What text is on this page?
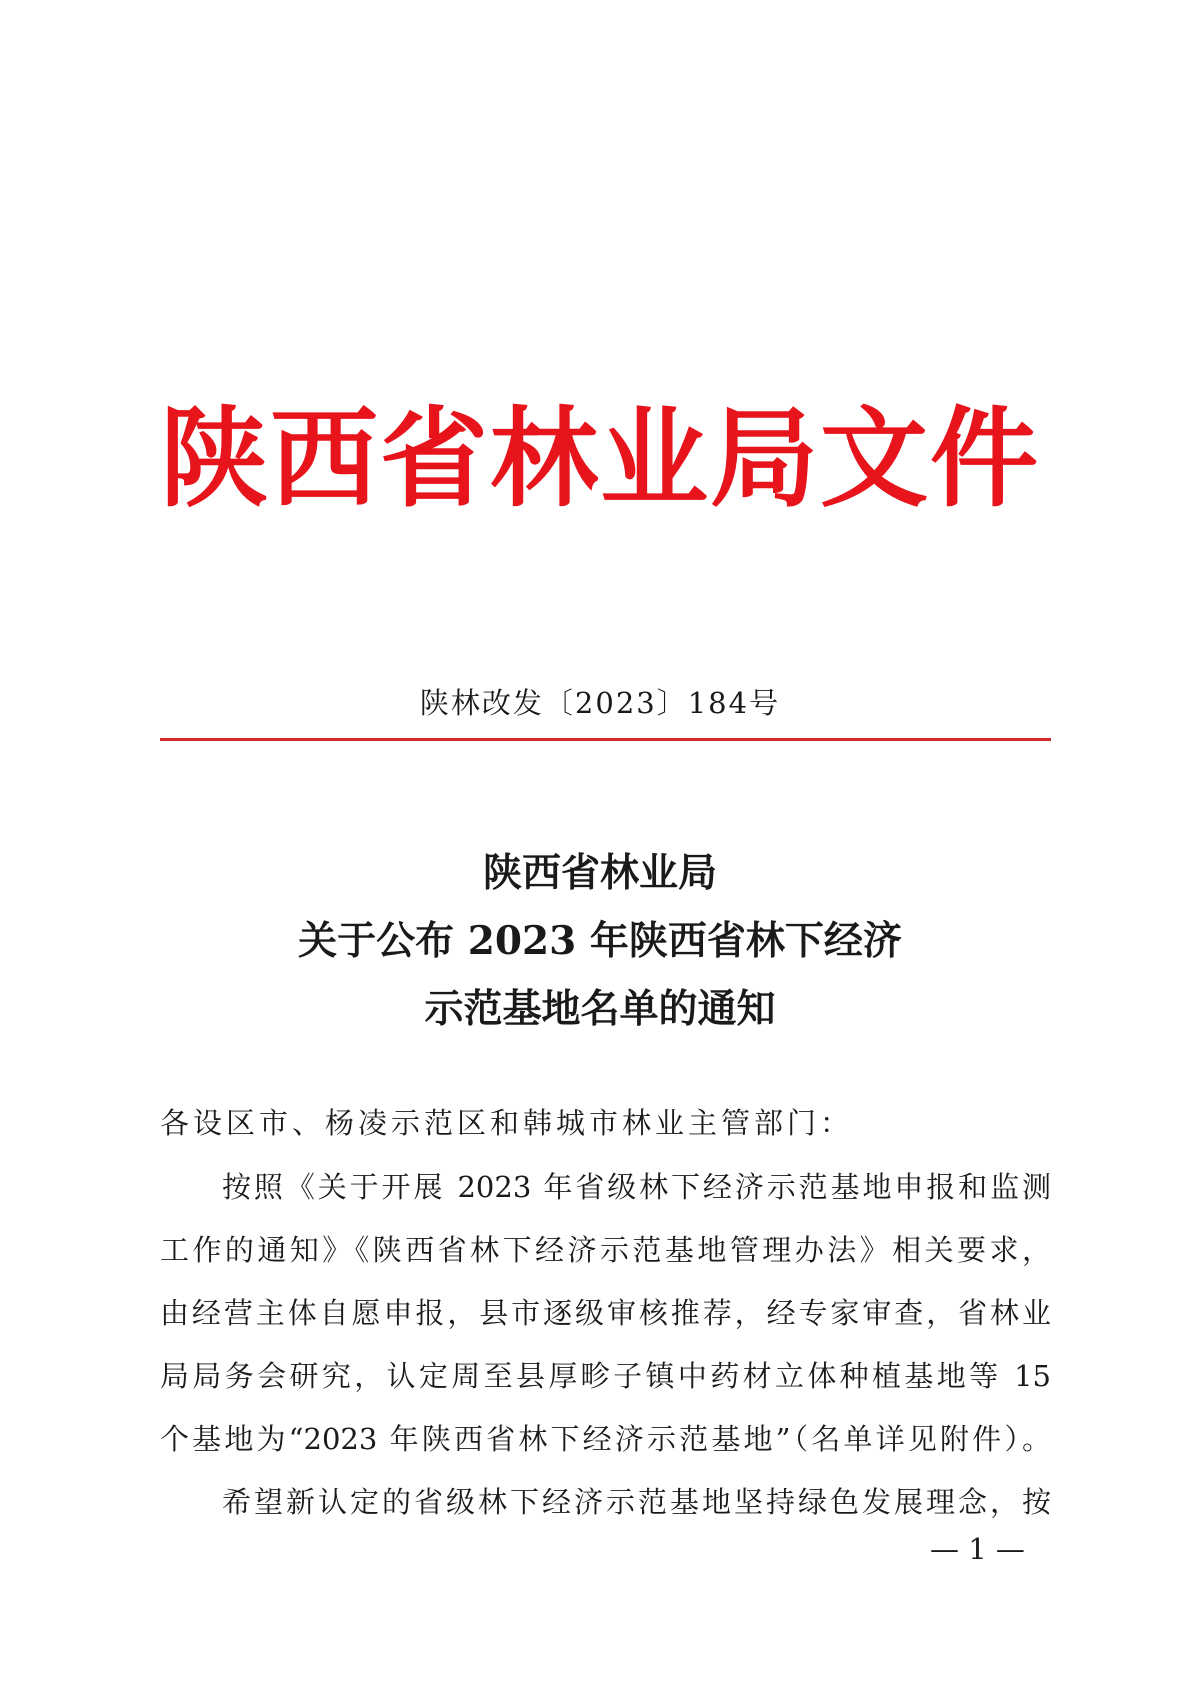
陕西省林业局文件
陕林改发〔2023〕184号
陕西省林业局
关于公布 2023 年陕西省林下经济
示范基地名单的通知
各设区市、杨凌示范区和韩城市林业主管部门：
按照《关于开展 2023 年省级林下经济示范基地申报和监测
工作的通知》《陕西省林下经济示范基地管理办法》相关要求，
由经营主体自愿申报，县市逐级审核推荐，经专家审查，省林业
局局务会研究，认定周至县厚畛子镇中药材立体种植基地等 15
个基地为“2023 年陕西省林下经济示范基地”（名单详见附件）。
希望新认定的省级林下经济示范基地坚持绿色发展理念，按
— 1 —
